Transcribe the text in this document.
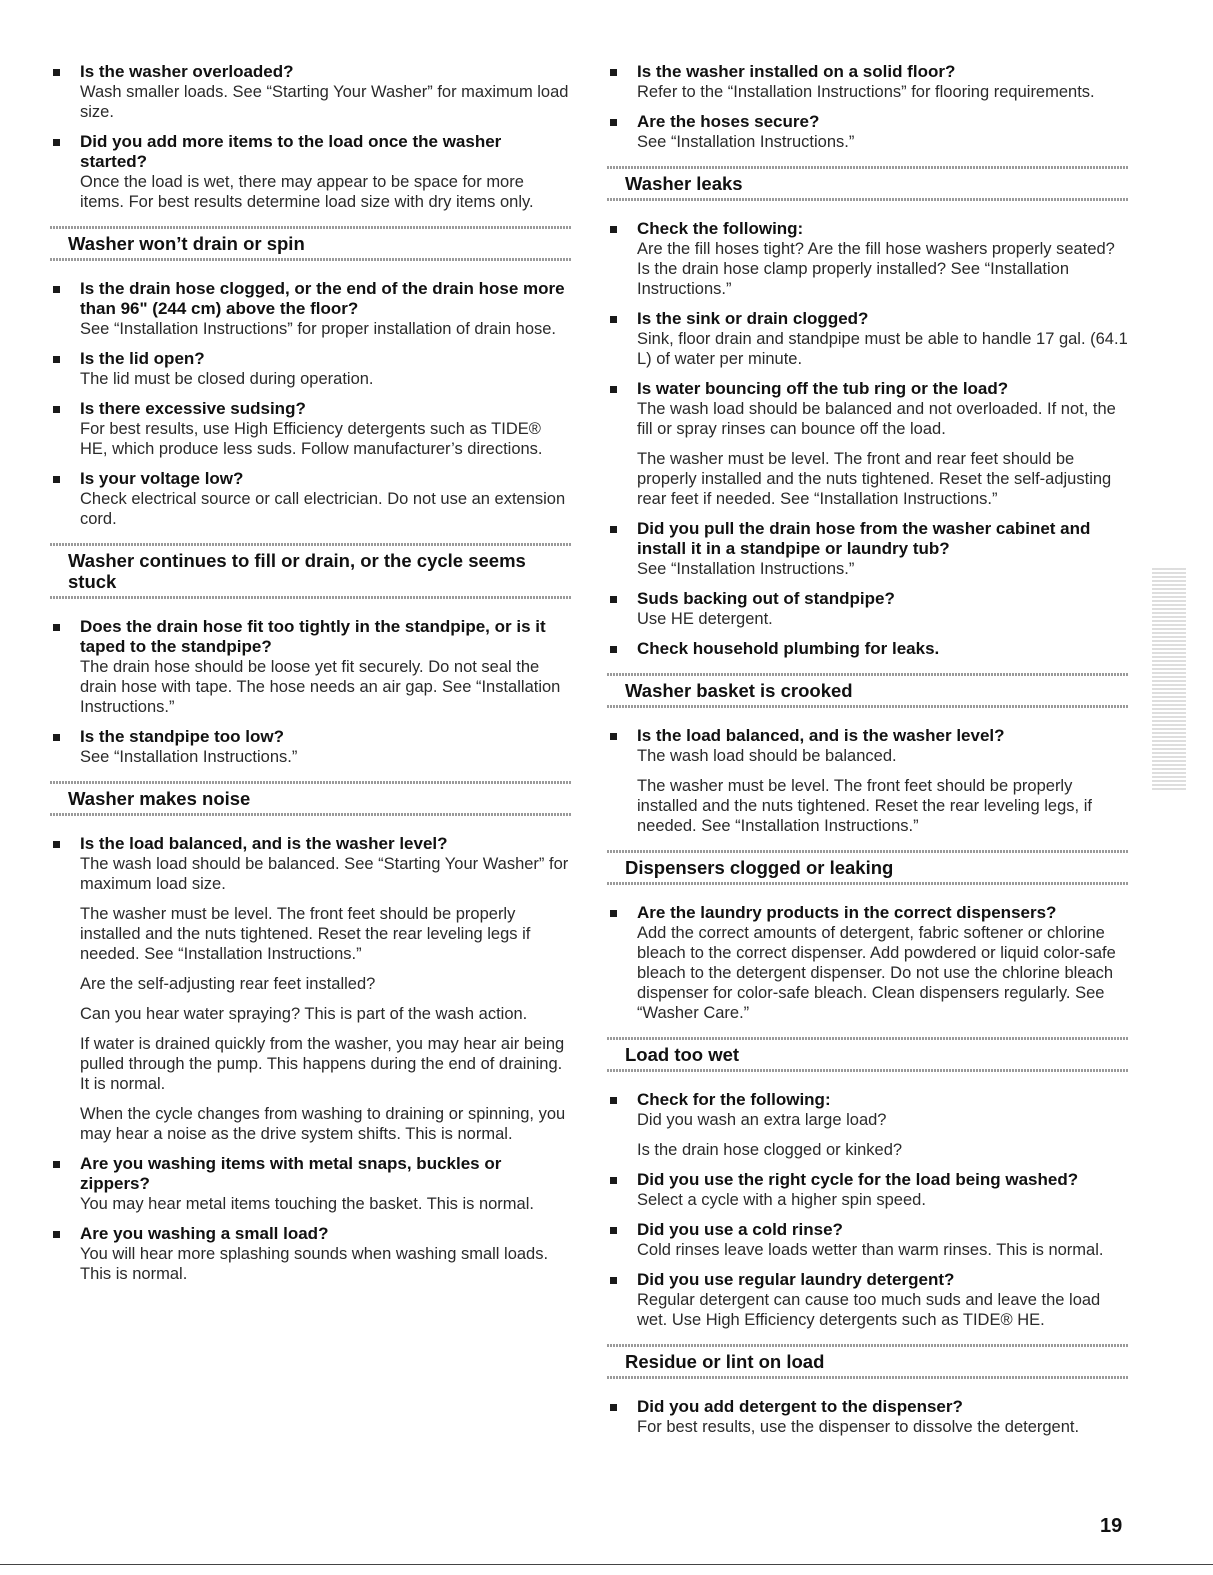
Is the washer overloaded?

Wash smaller loads. See “Starting Your Washer” for maximum load size.

Did you add more items to the load once the washer started?

Once the load is wet, there may appear to be space for more items. For best results determine load size with dry items only.

Washer won’t drain or spin
Is the drain hose clogged, or the end of the drain hose more than 96" (244 cm) above the floor?

See “Installation Instructions” for proper installation of drain hose.

Is the lid open?

The lid must be closed during operation.

Is there excessive sudsing?

For best results, use High Efficiency detergents such as TIDE® HE, which produce less suds. Follow manufacturer’s directions.

Is your voltage low?

Check electrical source or call electrician. Do not use an extension cord.

Washer continues to fill or drain, or the cycle seems stuck
Does the drain hose fit too tightly in the standpipe, or is it taped to the standpipe?

The drain hose should be loose yet fit securely. Do not seal the drain hose with tape. The hose needs an air gap. See “Installation Instructions.”

Is the standpipe too low?

See “Installation Instructions.”

Washer makes noise
Is the load balanced, and is the washer level?

The wash load should be balanced. See “Starting Your Washer” for maximum load size.

The washer must be level. The front feet should be properly installed and the nuts tightened. Reset the rear leveling legs if needed. See “Installation Instructions.”

Are the self-adjusting rear feet installed?

Can you hear water spraying? This is part of the wash action.

If water is drained quickly from the washer, you may hear air being pulled through the pump. This happens during the end of draining. It is normal.

When the cycle changes from washing to draining or spinning, you may hear a noise as the drive system shifts. This is normal.

Are you washing items with metal snaps, buckles or zippers?

You may hear metal items touching the basket. This is normal.

Are you washing a small load?

You will hear more splashing sounds when washing small loads. This is normal.

Is the washer installed on a solid floor?

Refer to the “Installation Instructions” for flooring requirements.

Are the hoses secure?

See “Installation Instructions.”

Washer leaks
Check the following:

Are the fill hoses tight? Are the fill hose washers properly seated? Is the drain hose clamp properly installed? See “Installation Instructions.”

Is the sink or drain clogged?

Sink, floor drain and standpipe must be able to handle 17 gal. (64.1 L) of water per minute.

Is water bouncing off the tub ring or the load?

The wash load should be balanced and not overloaded. If not, the fill or spray rinses can bounce off the load.

The washer must be level. The front and rear feet should be properly installed and the nuts tightened. Reset the self-adjusting rear feet if needed. See “Installation Instructions.”

Did you pull the drain hose from the washer cabinet and install it in a standpipe or laundry tub?

See “Installation Instructions.”

Suds backing out of standpipe?

Use HE detergent.

Check household plumbing for leaks.
Washer basket is crooked
Is the load balanced, and is the washer level?

The wash load should be balanced.

The washer must be level. The front feet should be properly installed and the nuts tightened. Reset the rear leveling legs, if needed. See “Installation Instructions.”

Dispensers clogged or leaking
Are the laundry products in the correct dispensers?

Add the correct amounts of detergent, fabric softener or chlorine bleach to the correct dispenser. Add powdered or liquid color-safe bleach to the detergent dispenser. Do not use the chlorine bleach dispenser for color-safe bleach. Clean dispensers regularly. See “Washer Care.”

Load too wet
Check for the following:

Did you wash an extra large load?

Is the drain hose clogged or kinked?

Did you use the right cycle for the load being washed?

Select a cycle with a higher spin speed.

Did you use a cold rinse?

Cold rinses leave loads wetter than warm rinses. This is normal.

Did you use regular laundry detergent?

Regular detergent can cause too much suds and leave the load wet. Use High Efficiency detergents such as TIDE® HE.

Residue or lint on load
Did you add detergent to the dispenser?

For best results, use the dispenser to dissolve the detergent.

19
